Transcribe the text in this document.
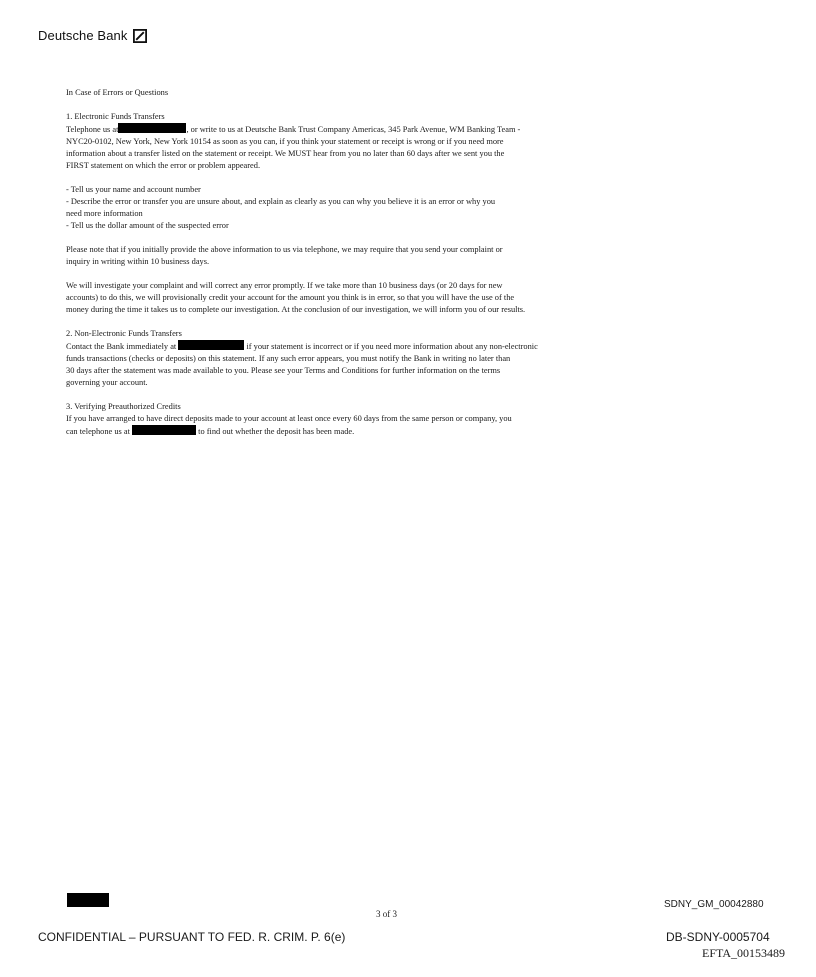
Deutsche Bank

In Case of Errors or Questions

1. Electronic Funds Transfers
Telephone us at	, or write to us at Deutsche Bank Trust Company Americas, 345 Park Avenue, WM Banking Team -
NYC20-0102, New York, New York 10154 as soon as you can, if you think your statement or receipt is wrong or if you need more
information about a transfer listed on the statement or receipt. We MUST hear from you no later than 60 days after we sent you the
FIRST statement on which the error or problem appeared.

- Tell us your name and account number
- Describe the error or transfer you are unsure about, and explain as clearly as you can why you believe it is an error or why you
need more information
- Tell us the dollar amount of the suspected error

Please note that if you initially provide the above information to us via telephone, we may require that you send your complaint or
inquiry in writing within 10 business days.

We will investigate your complaint and will correct any error promptly. If we take more than 10 business days (or 20 days for new
accounts) to do this, we will provisionally credit your account for the amount you think is in error, so that you will have the use of the
money during the time it takes us to complete our investigation. At the conclusion of our investigation, we will inform you of our results.

2. Non-Electronic Funds Transfers
Contact the Bank immediately at	if your statement is incorrect or if you need more information about any non-electronic
funds transactions (checks or deposits) on this statement. If any such error appears, you must notify the Bank in writing no later than
30 days after the statement was made available to you. Please see your Terms and Conditions for further information on the terms
governing your account.

3. Verifying Preauthorized Credits
If you have arranged to have direct deposits made to your account at least once every 60 days from the same person or company, you
can telephone us at	to find out whether the deposit has been made.

3 of 3
SDNY_GM_00042880
CONFIDENTIAL – PURSUANT TO FED. R. CRIM. P. 6(e)	DB-SDNY-0005704
EFTA_00153489
